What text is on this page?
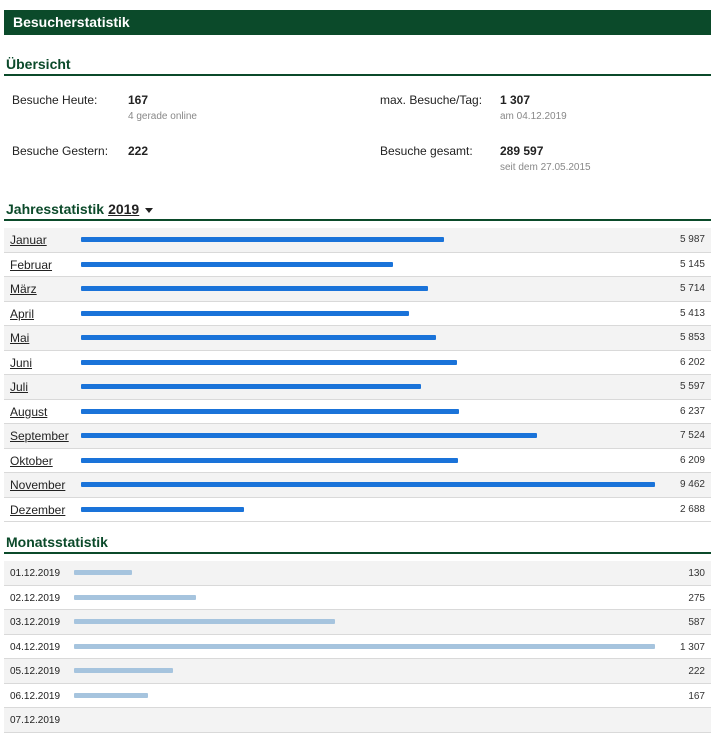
Besucherstatistik
Übersicht
Besuche Heute:	167
4 gerade online
max. Besuche/Tag: 1 307
am 04.12.2019
Besuche Gestern: 222	Besuche gesamt: 289 597
seit dem 27.05.2015
Jahresstatistik 2019
Januar	5 987
Februar	5 145
März	5 714
April	5 413
Mai	5 853
Juni	6 202
Juli	5 597
August	6 237
September	7 524
Oktober	6 209
November	9 462
Dezember	2 688
Monatsstatistik
01.12.2019	130
02.12.2019	275
03.12.2019	587
04.12.2019	1 307
05.12.2019	222
06.12.2019	167
07.12.2019
